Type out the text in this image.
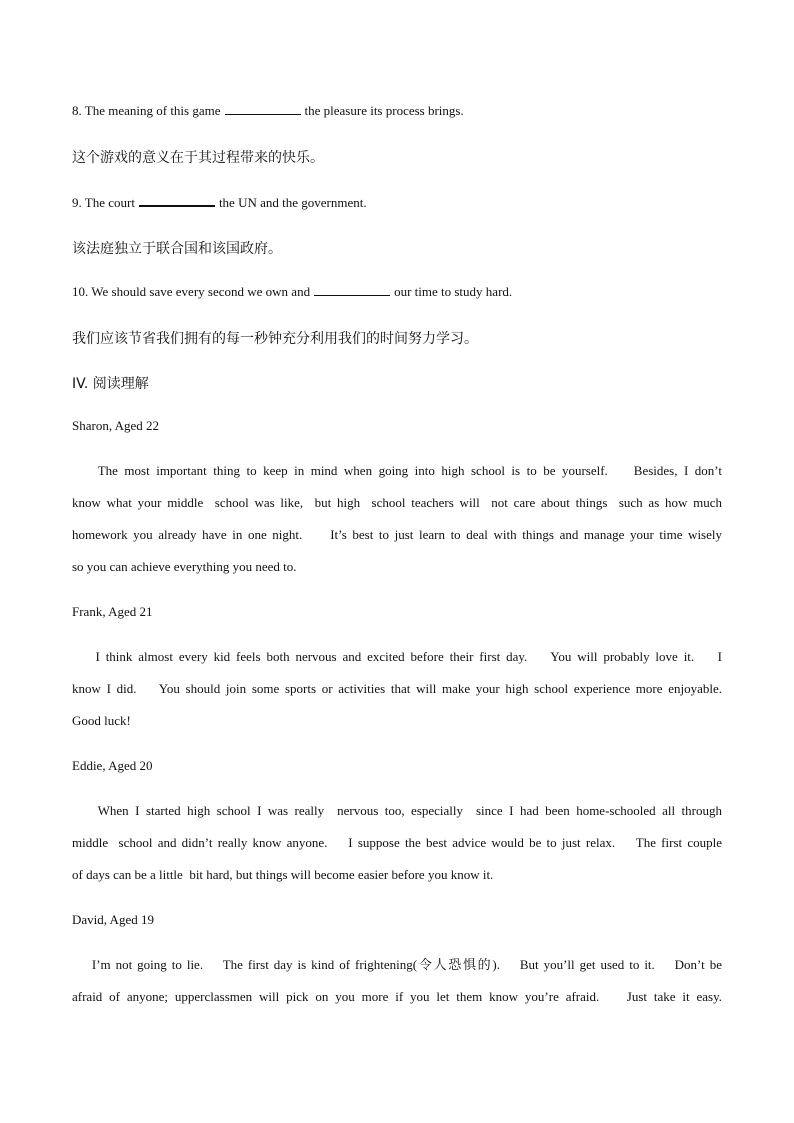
8. The meaning of this game	the pleasure its process brings.
这个游戏的意义在于其过程带来的快乐。
9. The court	the UN and the government.
该法庭独立于联合国和该国政府。
10. We should save every second we own and	our time to study hard.
我们应该节省我们拥有的每一秒钟充分利用我们的时间努力学习。
IV. 阅读理解
Sharon, Aged 22
The most important thing to keep in mind when going into high school is to be yourself.    Besides, I don’t
know what your middle  school was like,  but high  school teachers will  not care about things  such as how much
homework you already have in one night.     It’s best to just learn to deal with things and manage your time wisely
so you can achieve everything you need to.
Frank, Aged 21
I think almost every kid feels both nervous and excited before their first day.    You will probably love it.    I
know I did.    You should join some sports or activities that will make your high school experience more enjoyable.
Good luck!
Eddie, Aged 20
When I started high school I was really  nervous too, especially  since I had been home-schooled all through
middle  school and didn’t really know anyone.    I suppose the best advice would be to just relax.    The first couple
of days can be a little  bit hard, but things will become easier before you know it.
David, Aged 19
I’m not going to lie.    The first day is kind of frightening(令人恐惧的).    But you’ll get used to it.    Don’t be
afraid of anyone; upperclassmen will pick on you more if you let them know you’re afraid.    Just take it easy.
